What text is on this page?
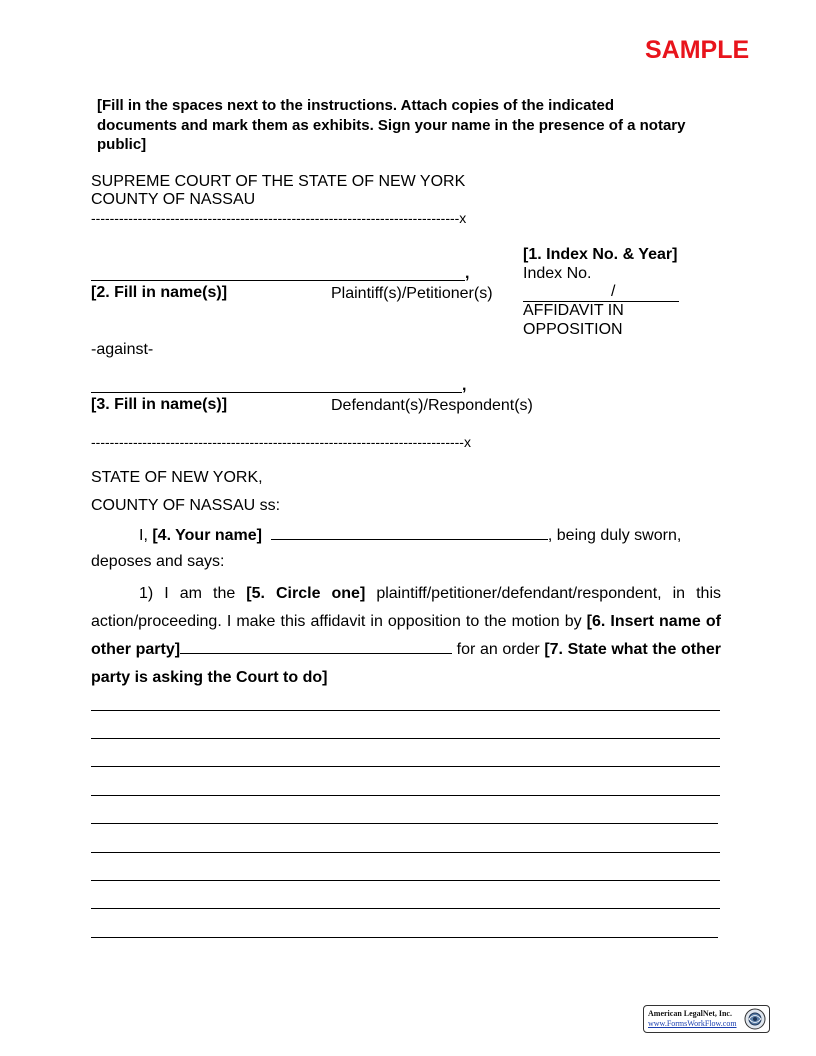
SAMPLE
[Fill in the spaces next to the instructions. Attach copies of the indicated documents and mark them as exhibits. Sign your name in the presence of a notary public]
SUPREME COURT OF THE STATE OF NEW YORK
COUNTY OF NASSAU
-------------------------------------------------------------------------------x
[1. Index No. & Year]
Index No.
/
AFFIDAVIT IN
OPPOSITION
,
[2. Fill in name(s)]	Plaintiff(s)/Petitioner(s)
-against-
,
[3. Fill in name(s)]	Defendant(s)/Respondent(s)
--------------------------------------------------------------------------------x
STATE OF NEW YORK,
COUNTY OF NASSAU ss:
I, [4. Your name]	, being duly sworn,
deposes and says:
1) I am the [5. Circle one] plaintiff/petitioner/defendant/respondent, in this action/proceeding. I make this affidavit in opposition to the motion by [6. Insert name of other party]	for an order [7. State what the other party is asking the Court to do]
American LegalNet, Inc.
www.FormsWorkFlow.com
